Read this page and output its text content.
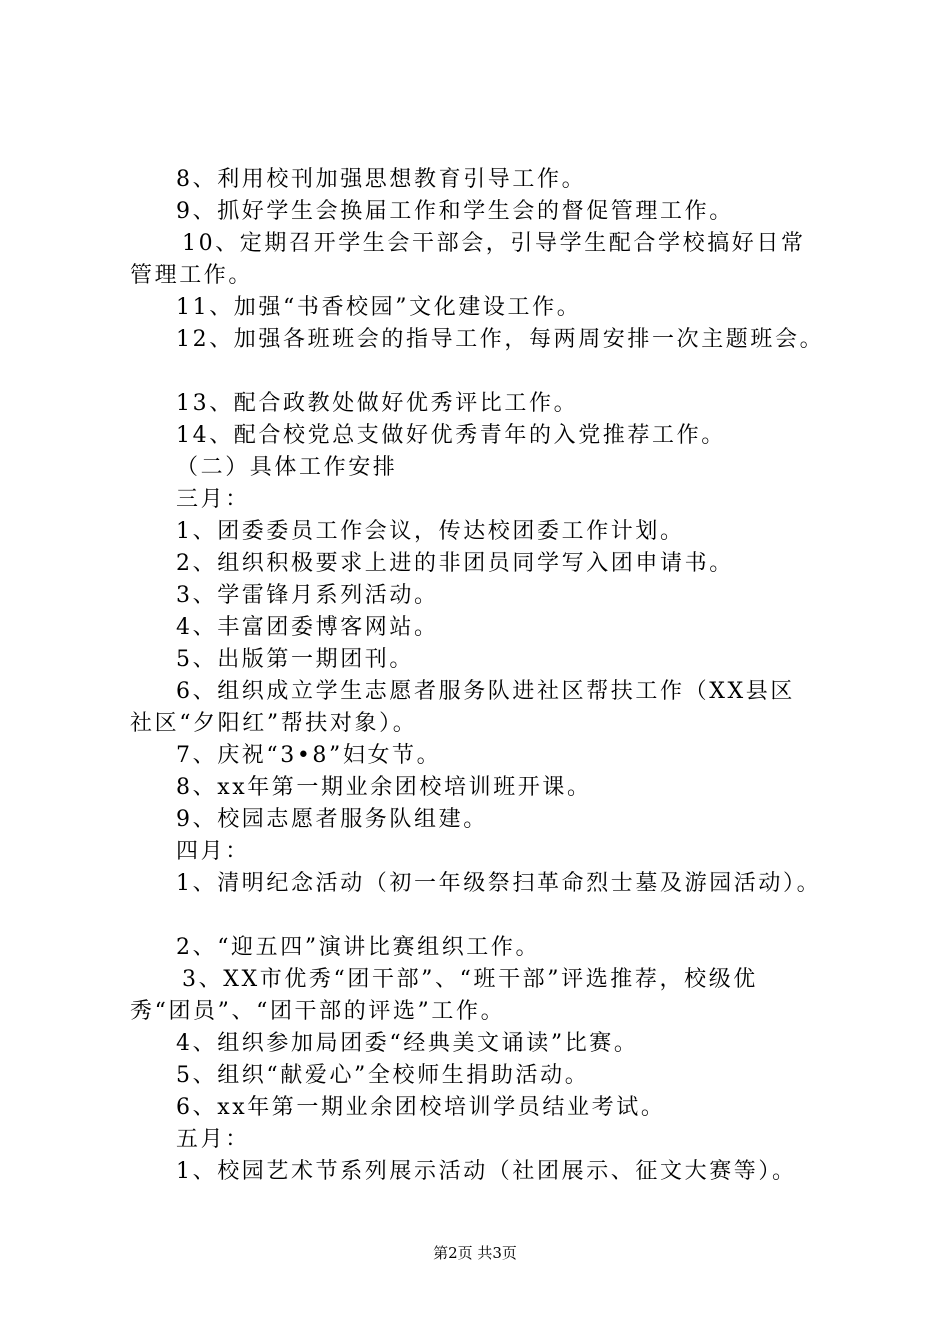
8、利用校刊加强思想教育引导工作。
9、抓好学生会换届工作和学生会的督促管理工作。
10、定期召开学生会干部会，引导学生配合学校搞好日常
管理工作。
11、加强“书香校园”文化建设工作。
12、加强各班班会的指导工作，每两周安排一次主题班会。
13、配合政教处做好优秀评比工作。
14、配合校党总支做好优秀青年的入党推荐工作。
（二）具体工作安排
三月：
1、团委委员工作会议，传达校团委工作计划。
2、组织积极要求上进的非团员同学写入团申请书。
3、学雷锋月系列活动。
4、丰富团委博客网站。
5、出版第一期团刊。
6、组织成立学生志愿者服务队进社区帮扶工作（XX县区
社区“夕阳红”帮扶对象）。
7、庆祝“3•8”妇女节。
8、xx年第一期业余团校培训班开课。
9、校园志愿者服务队组建。
四月：
1、清明纪念活动（初一年级祭扫革命烈士墓及游园活动）。
2、“迎五四”演讲比赛组织工作。
3、XX市优秀“团干部”、“班干部”评选推荐，校级优
秀“团员”、“团干部的评选”工作。
4、组织参加局团委“经典美文诵读”比赛。
5、组织“献爱心”全校师生捐助活动。
6、xx年第一期业余团校培训学员结业考试。
五月：
1、校园艺术节系列展示活动（社团展示、征文大赛等）。
第2页 共3页
